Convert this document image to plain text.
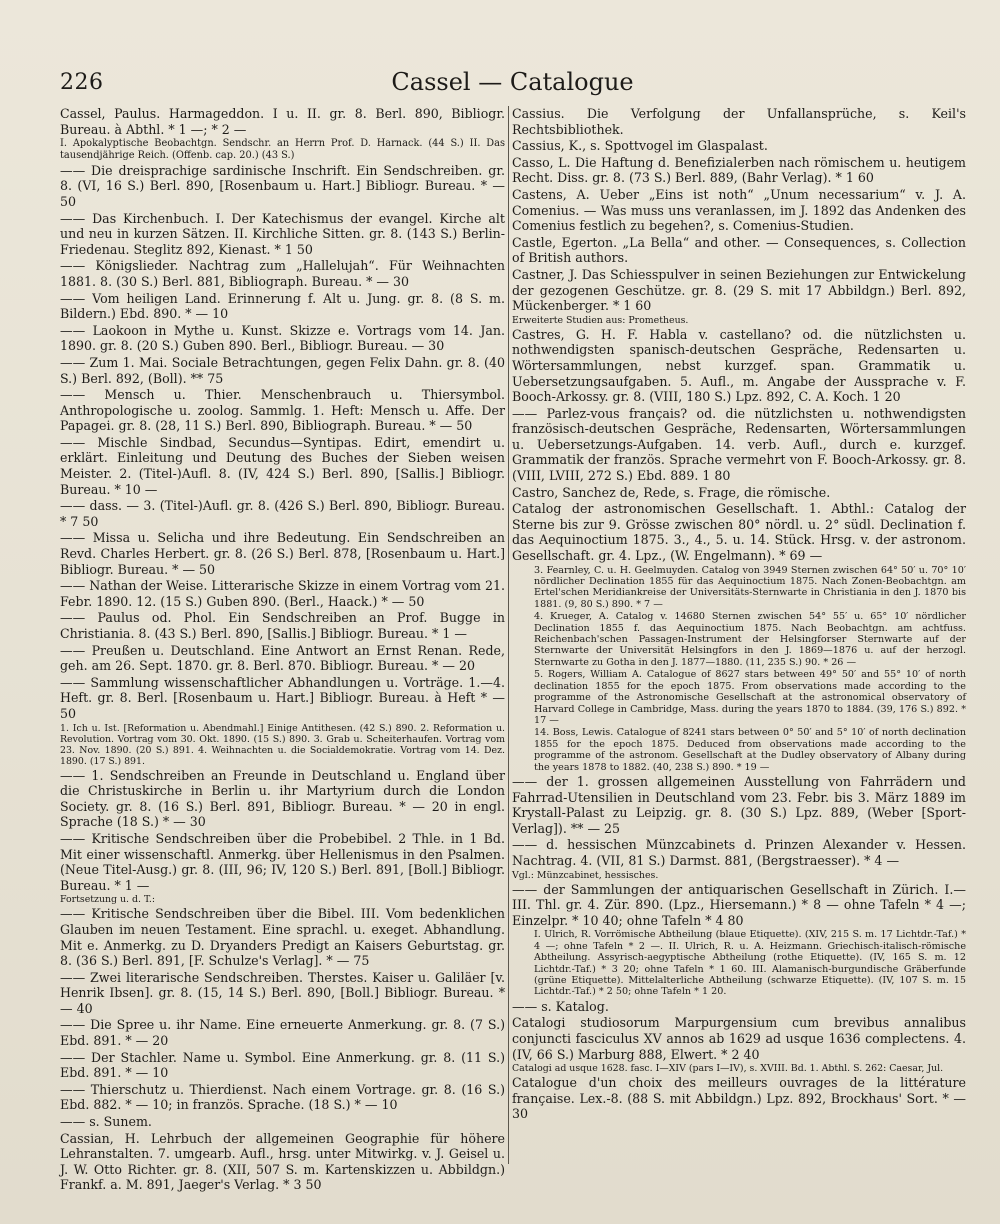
226	Cassel — Catalogue

Cassel, Paulus. Harmageddon. I u. II. gr. 8. Berl. 890, Bibliogr. Bureau. à Abthl. * 1 —; * 2 —

I. Apokalyptische Beobachtgn. Sendschr. an Herrn Prof. D. Harnack. (44 S.) II. Das tausendjährige Reich. (Offenb. cap. 20.) (43 S.)

—— Die dreisprachige sardinische Inschrift. Ein Sendschreiben. gr. 8. (VI, 16 S.) Berl. 890, [Rosenbaum u. Hart.] Bibliogr. Bureau. * — 50

—— Das Kirchenbuch. I. Der Katechismus der evangel. Kirche alt und neu in kurzen Sätzen. II. Kirchliche Sitten. gr. 8. (143 S.) Berlin-Friedenau. Steglitz 892, Kienast. * 1 50

—— Königslieder. Nachtrag zum „Hallelujah“. Für Weihnachten 1881. 8. (30 S.) Berl. 881, Bibliograph. Bureau. * — 30

—— Vom heiligen Land. Erinnerung f. Alt u. Jung. gr. 8. (8 S. m. Bildern.) Ebd. 890. * — 10

—— Laokoon in Mythe u. Kunst. Skizze e. Vortrags vom 14. Jan. 1890. gr. 8. (20 S.) Guben 890. Berl., Bibliogr. Bureau. — 30

—— Zum 1. Mai. Sociale Betrachtungen, gegen Felix Dahn. gr. 8. (40 S.) Berl. 892, (Boll). ** 75

—— Mensch u. Thier. Menschenbrauch u. Thiersymbol. Anthropologische u. zoolog. Sammlg. 1. Heft: Mensch u. Affe. Der Papagei. gr. 8. (28, 11 S.) Berl. 890, Bibliograph. Bureau. * — 50

—— Mischle Sindbad, Secundus—Syntipas. Edirt, emendirt u. erklärt. Einleitung und Deutung des Buches der Sieben weisen Meister. 2. (Titel-)Aufl. 8. (IV, 424 S.) Berl. 890, [Sallis.] Bibliogr. Bureau. * 10 —

—— dass. — 3. (Titel-)Aufl. gr. 8. (426 S.) Berl. 890, Bibliogr. Bureau. * 7 50

—— Missa u. Selicha und ihre Bedeutung. Ein Sendschreiben an Revd. Charles Herbert. gr. 8. (26 S.) Berl. 878, [Rosenbaum u. Hart.] Bibliogr. Bureau. * — 50

—— Nathan der Weise. Litterarische Skizze in einem Vortrag vom 21. Febr. 1890. 12. (15 S.) Guben 890. (Berl., Haack.) * — 50

—— Paulus od. Phol. Ein Sendschreiben an Prof. Bugge in Christiania. 8. (43 S.) Berl. 890, [Sallis.] Bibliogr. Bureau. * 1 —

—— Preußen u. Deutschland. Eine Antwort an Ernst Renan. Rede, geh. am 26. Sept. 1870. gr. 8. Berl. 870. Bibliogr. Bureau. * — 20

—— Sammlung wissenschaftlicher Abhandlungen u. Vorträge. 1.—4. Heft. gr. 8. Berl. [Rosenbaum u. Hart.] Bibliogr. Bureau. à Heft * — 50

1. Ich u. Ist. [Reformation u. Abendmahl.] Einige Antithesen. (42 S.) 890. 2. Reformation u. Revolution. Vortrag vom 30. Okt. 1890. (15 S.) 890. 3. Grab u. Scheiterhaufen. Vortrag vom 23. Nov. 1890. (20 S.) 891. 4. Weihnachten u. die Socialdemokratie. Vortrag vom 14. Dez. 1890. (17 S.) 891.

—— 1. Sendschreiben an Freunde in Deutschland u. England über die Christuskirche in Berlin u. ihr Martyrium durch die London Society. gr. 8. (16 S.) Berl. 891, Bibliogr. Bureau. * — 20 in engl. Sprache (18 S.) * — 30

—— Kritische Sendschreiben über die Probebibel. 2 Thle. in 1 Bd. Mit einer wissenschaftl. Anmerkg. über Hellenismus in den Psalmen. (Neue Titel-Ausg.) gr. 8. (III, 96; IV, 120 S.) Berl. 891, [Boll.] Bibliogr. Bureau. * 1 —

Fortsetzung u. d. T.:

—— Kritische Sendschreiben über die Bibel. III. Vom bedenklichen Glauben im neuen Testament. Eine sprachl. u. exeget. Abhandlung. Mit e. Anmerkg. zu D. Dryanders Predigt an Kaisers Geburtstag. gr. 8. (36 S.) Berl. 891, [F. Schulze's Verlag]. * — 75

—— Zwei literarische Sendschreiben. Therstes. Kaiser u. Galiläer [v. Henrik Ibsen]. gr. 8. (15, 14 S.) Berl. 890, [Boll.] Bibliogr. Bureau. * — 40

—— Die Spree u. ihr Name. Eine erneuerte Anmerkung. gr. 8. (7 S.) Ebd. 891. * — 20

—— Der Stachler. Name u. Symbol. Eine Anmerkung. gr. 8. (11 S.) Ebd. 891. * — 10

—— Thierschutz u. Thierdienst. Nach einem Vortrage. gr. 8. (16 S.) Ebd. 882. * — 10; in französ. Sprache. (18 S.) * — 10

—— s. Sunem.

Cassian, H. Lehrbuch der allgemeinen Geographie für höhere Lehranstalten. 7. umgearb. Aufl., hrsg. unter Mitwirkg. v. J. Geisel u. J. W. Otto Richter. gr. 8. (XII, 507 S. m. Kartenskizzen u. Abbildgn.) Frankf. a. M. 891, Jaeger's Verlag. * 3 50

Cassius. Die Verfolgung der Unfallansprüche, s. Keil's Rechtsbibliothek.

Cassius, K., s. Spottvogel im Glaspalast.

Casso, L. Die Haftung d. Benefizialerben nach römischem u. heutigem Recht. Diss. gr. 8. (73 S.) Berl. 889, (Bahr Verlag). * 1 60

Castens, A. Ueber „Eins ist noth“ „Unum necessarium“ v. J. A. Comenius. — Was muss uns veranlassen, im J. 1892 das Andenken des Comenius festlich zu begehen?, s. Comenius-Studien.

Castle, Egerton. „La Bella“ and other. — Consequences, s. Collection of British authors.

Castner, J. Das Schiesspulver in seinen Beziehungen zur Entwickelung der gezogenen Geschütze. gr. 8. (29 S. mit 17 Abbildgn.) Berl. 892, Mückenberger. * 1 60

Erweiterte Studien aus: Prometheus.

Castres, G. H. F. Habla v. castellano? od. die nützlichsten u. nothwendigsten spanisch-deutschen Gespräche, Redensarten u. Wörtersammlungen, nebst kurzgef. span. Grammatik u. Uebersetzungsaufgaben. 5. Aufl., m. Angabe der Aussprache v. F. Booch-Arkossy. gr. 8. (VIII, 180 S.) Lpz. 892, C. A. Koch. 1 20

—— Parlez-vous français? od. die nützlichsten u. nothwendigsten französisch-deutschen Gespräche, Redensarten, Wörtersammlungen u. Uebersetzungs-Aufgaben. 14. verb. Aufl., durch e. kurzgef. Grammatik der französ. Sprache vermehrt von F. Booch-Arkossy. gr. 8. (VIII, LVIII, 272 S.) Ebd. 889. 1 80

Castro, Sanchez de, Rede, s. Frage, die römische.

Catalog der astronomischen Gesellschaft. 1. Abthl.: Catalog der Sterne bis zur 9. Grösse zwischen 80° nördl. u. 2° südl. Declination f. das Aequinoctium 1875. 3., 4., 5. u. 14. Stück. Hrsg. v. der astronom. Gesellschaft. gr. 4. Lpz., (W. Engelmann). * 69 —

3. Fearnley, C. u. H. Geelmuyden. Catalog von 3949 Sternen zwischen 64° 50′ u. 70° 10′ nördlicher Declination 1855 für das Aequinoctium 1875. Nach Zonen-Beobachtgn. am Ertel'schen Meridiankreise der Universitäts-Sternwarte in Christiania in den J. 1870 bis 1881. (9, 80 S.) 890. * 7 —

4. Krueger, A. Catalog v. 14680 Sternen zwischen 54° 55′ u. 65° 10′ nördlicher Declination 1855 f. das Aequinoctium 1875. Nach Beobachtgn. am achtfuss. Reichenbach'schen Passagen-Instrument der Helsingforser Sternwarte auf der Sternwarte der Universität Helsingfors in den J. 1869—1876 u. auf der herzogl. Sternwarte zu Gotha in den J. 1877—1880. (11, 235 S.) 90. * 26 —

5. Rogers, William A. Catalogue of 8627 stars between 49° 50′ and 55° 10′ of north declination 1855 for the epoch 1875. From observations made according to the programme of the Astronomische Gesellschaft at the astronomical observatory of Harvard College in Cambridge, Mass. during the years 1870 to 1884. (39, 176 S.) 892. * 17 —

14. Boss, Lewis. Catalogue of 8241 stars between 0° 50′ and 5° 10′ of north declination 1855 for the epoch 1875. Deduced from observations made according to the programme of the astronom. Gesellschaft at the Dudley observatory of Albany during the years 1878 to 1882. (40, 238 S.) 890. * 19 —

—— der 1. grossen allgemeinen Ausstellung von Fahrrädern und Fahrrad-Utensilien in Deutschland vom 23. Febr. bis 3. März 1889 im Krystall-Palast zu Leipzig. gr. 8. (30 S.) Lpz. 889, (Weber [Sport-Verlag]). ** — 25

—— d. hessischen Münzcabinets d. Prinzen Alexander v. Hessen. Nachtrag. 4. (VII, 81 S.) Darmst. 881, (Bergstraesser). * 4 —

Vgl.: Münzcabinet, hessisches.

—— der Sammlungen der antiquarischen Gesellschaft in Zürich. I.—III. Thl. gr. 4. Zür. 890. (Lpz., Hiersemann.) * 8 — ohne Tafeln * 4 —; Einzelpr. * 10 40; ohne Tafeln * 4 80

I. Ulrich, R. Vorrömische Abtheilung (blaue Etiquette). (XIV, 215 S. m. 17 Lichtdr.-Taf.) * 4 —; ohne Tafeln * 2 —. II. Ulrich, R. u. A. Heizmann. Griechisch-italisch-römische Abtheilung. Assyrisch-aegyptische Abtheilung (rothe Etiquette). (IV, 165 S. m. 12 Lichtdr.-Taf.) * 3 20; ohne Tafeln * 1 60. III. Alamanisch-burgundische Gräberfunde (grüne Etiquette). Mittelalterliche Abtheilung (schwarze Etiquette). (IV, 107 S. m. 15 Lichtdr.-Taf.) * 2 50; ohne Tafeln * 1 20.

—— s. Katalog.

Catalogi studiosorum Marpurgensium cum brevibus annalibus conjuncti fasciculus XV annos ab 1629 ad usque 1636 complectens. 4. (IV, 66 S.) Marburg 888, Elwert. * 2 40

Catalogi ad usque 1628. fasc. I—XIV (pars I—IV), s. XVIII. Bd. 1. Abthl. S. 262: Caesar, Jul.

Catalogue d'un choix des meilleurs ouvrages de la littérature française. Lex.-8. (88 S. mit Abbildgn.) Lpz. 892, Brockhaus' Sort. * — 30
